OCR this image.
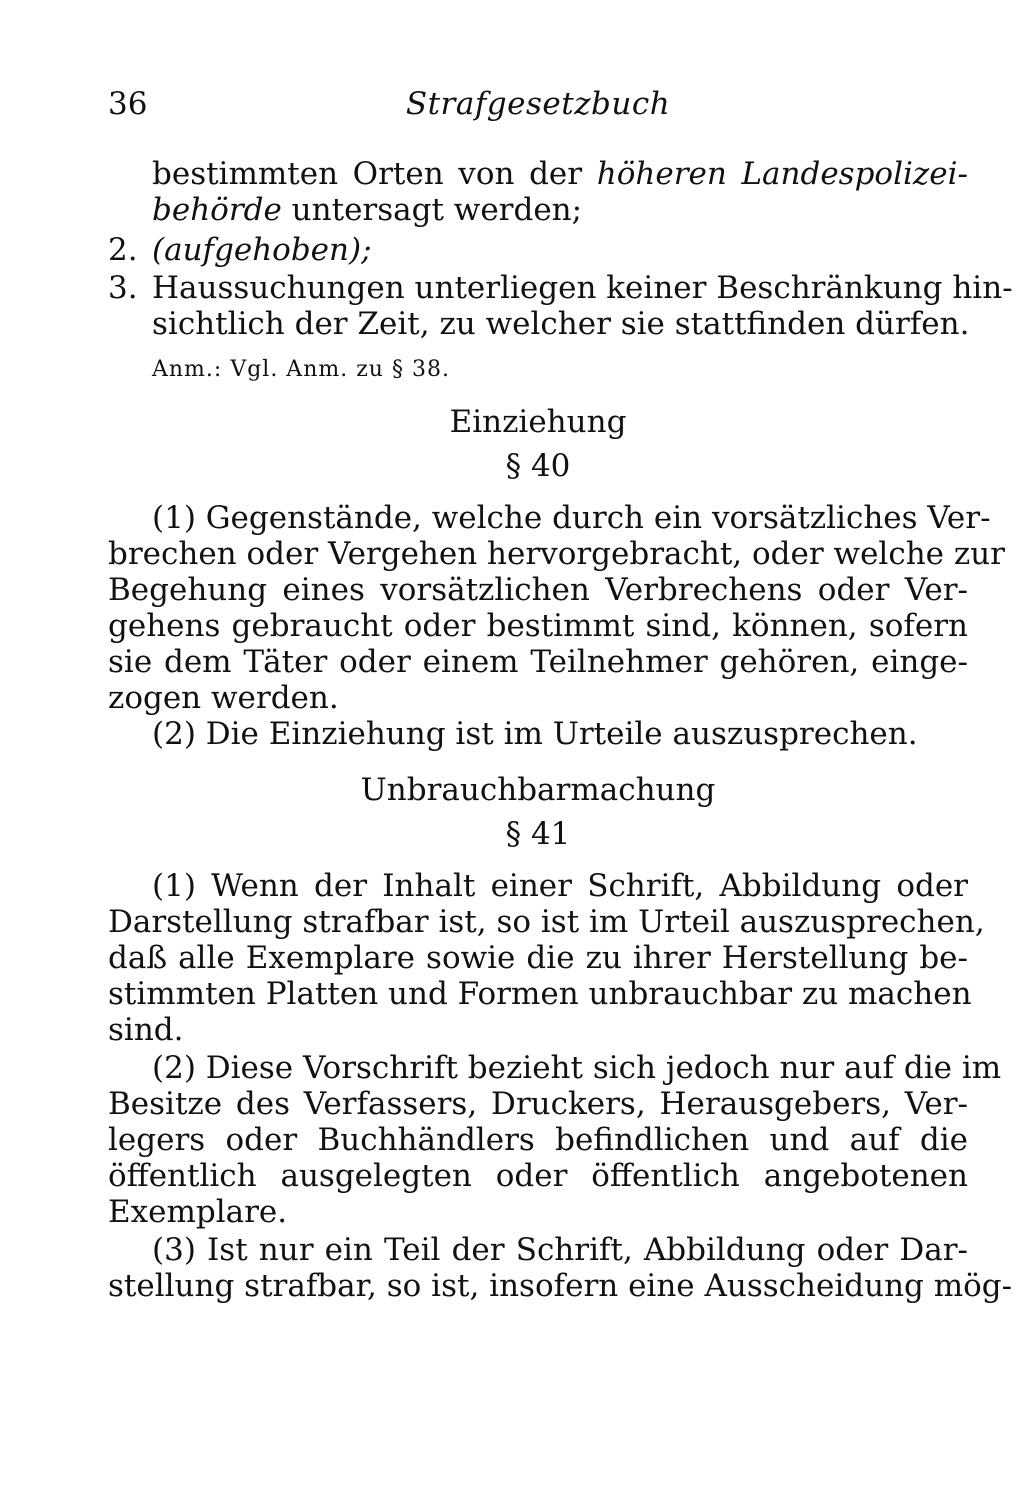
36	Strafgesetzbuch
bestimmten Orten von der höheren Landespolizei-
behörde untersagt werden;
2. (aufgehoben);
3. Haussuchungen unterliegen keiner Beschränkung hin-
sichtlich der Zeit, zu welcher sie stattfinden dürfen.
Anm.: Vgl. Anm. zu § 38.
Einziehung
§ 40
(1) Gegenstände, welche durch ein vorsätzliches Ver-
brechen oder Vergehen hervorgebracht, oder welche zur
Begehung eines vorsätzlichen Verbrechens oder Ver-
gehens gebraucht oder bestimmt sind, können, sofern
sie dem Täter oder einem Teilnehmer gehören, einge-
zogen werden.
(2) Die Einziehung ist im Urteile auszusprechen.
Unbrauchbarmachung
§ 41
(1) Wenn der Inhalt einer Schrift, Abbildung oder
Darstellung strafbar ist, so ist im Urteil auszusprechen,
daß alle Exemplare sowie die zu ihrer Herstellung be-
stimmten Platten und Formen unbrauchbar zu machen
sind.
(2) Diese Vorschrift bezieht sich jedoch nur auf die im
Besitze des Verfassers, Druckers, Herausgebers, Ver-
legers oder Buchhändlers befindlichen und auf die
öffentlich ausgelegten oder öffentlich angebotenen
Exemplare.
(3) Ist nur ein Teil der Schrift, Abbildung oder Dar-
stellung strafbar, so ist, insofern eine Ausscheidung mög-
